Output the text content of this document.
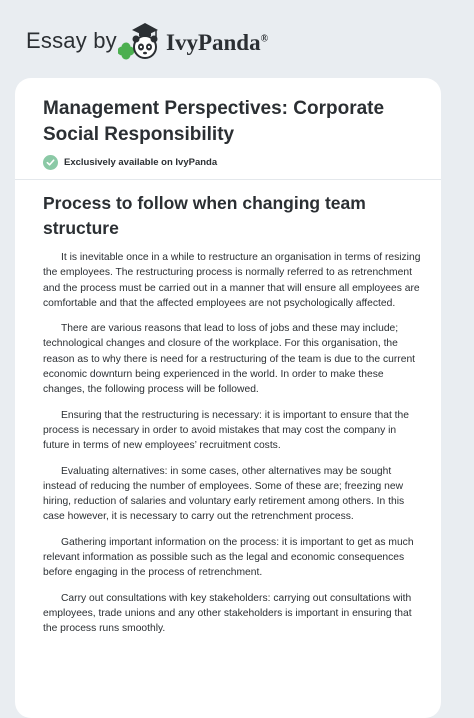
Essay by IvyPanda®
Management Perspectives: Corporate Social Responsibility
Exclusively available on IvyPanda
Process to follow when changing team structure

It is inevitable once in a while to restructure an organisation in terms of resizing the employees. The restructuring process is normally referred to as retrenchment and the process must be carried out in a manner that will ensure all employees are comfortable and that the affected employees are not psychologically affected.

There are various reasons that lead to loss of jobs and these may include; technological changes and closure of the workplace. For this organisation, the reason as to why there is need for a restructuring of the team is due to the current economic downturn being experienced in the world. In order to make these changes, the following process will be followed.

Ensuring that the restructuring is necessary: it is important to ensure that the process is necessary in order to avoid mistakes that may cost the company in future in terms of new employees’ recruitment costs.

Evaluating alternatives: in some cases, other alternatives may be sought instead of reducing the number of employees. Some of these are; freezing new hiring, reduction of salaries and voluntary early retirement among others. In this case however, it is necessary to carry out the retrenchment process.

Gathering important information on the process: it is important to get as much relevant information as possible such as the legal and economic consequences before engaging in the process of retrenchment.

Carry out consultations with key stakeholders: carrying out consultations with employees, trade unions and any other stakeholders is important in ensuring that the process runs smoothly.
